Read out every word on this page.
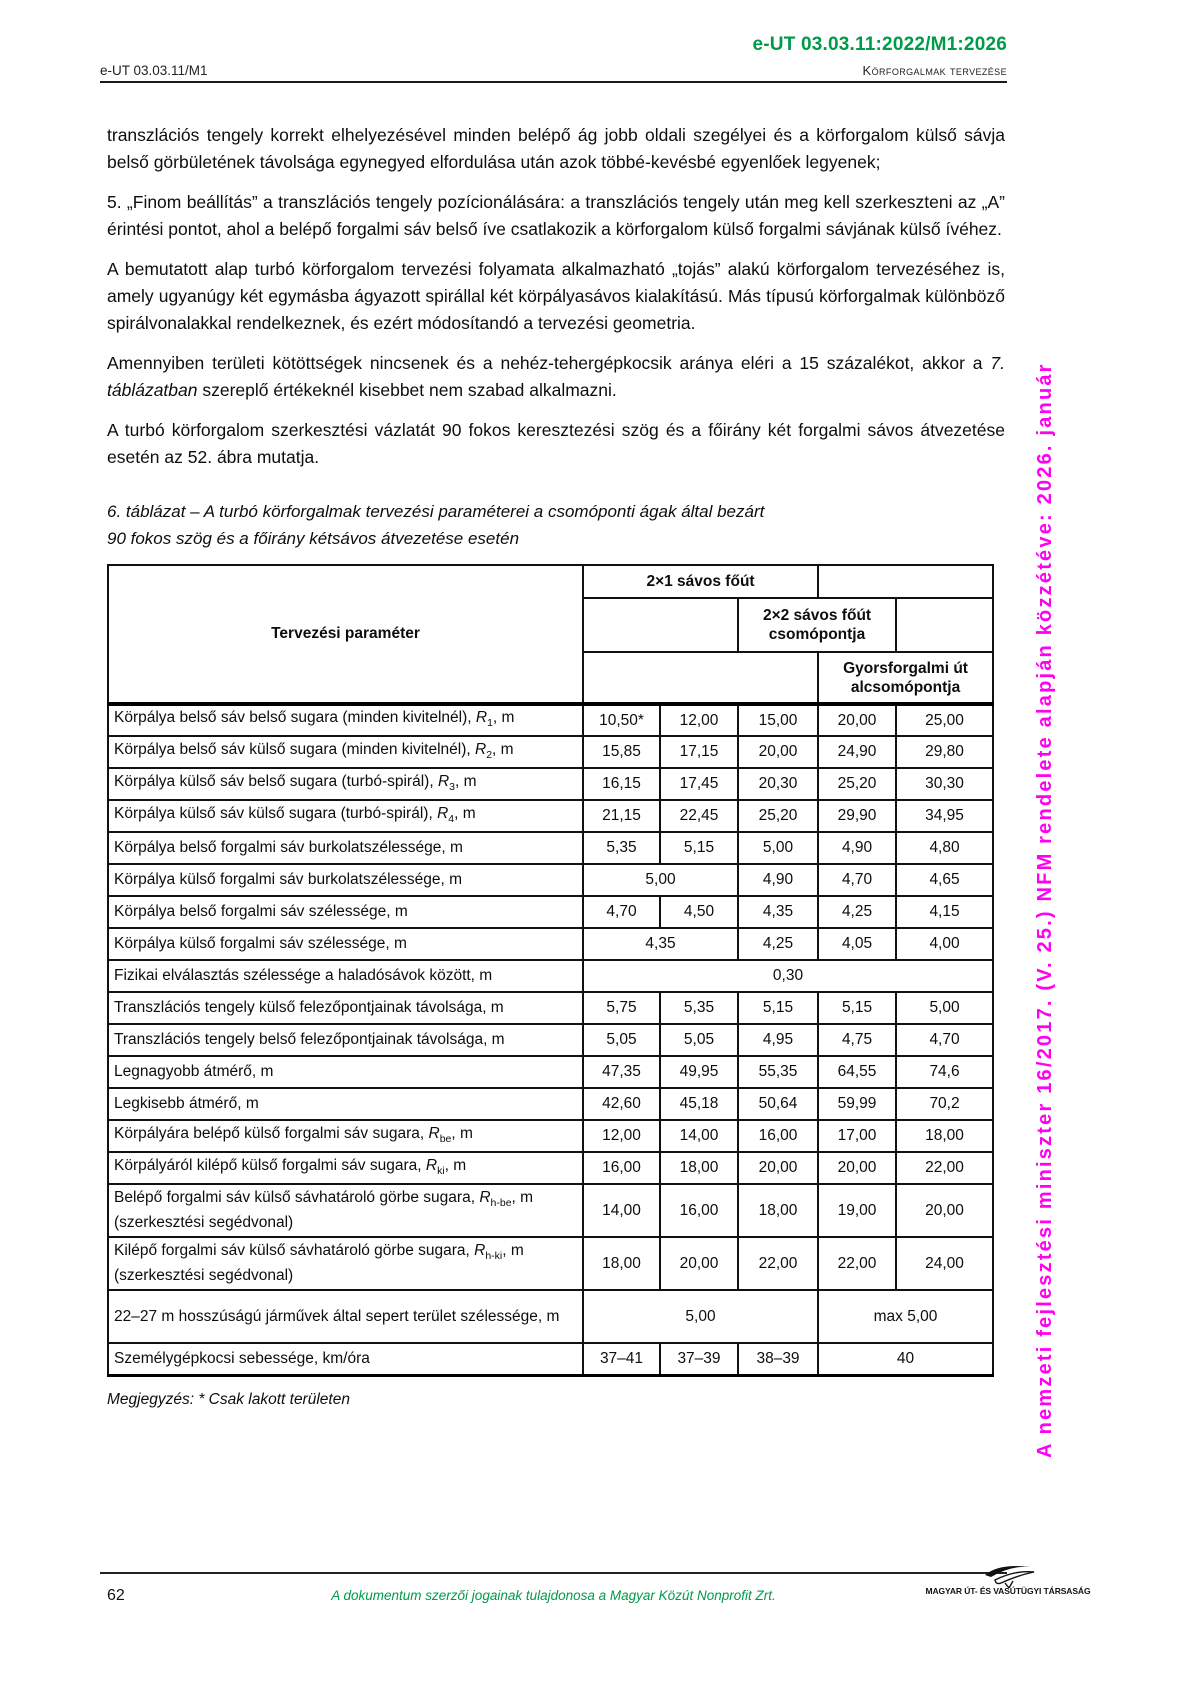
e-UT 03.03.11:2022/M1:2026
e-UT 03.03.11/M1	Körforgalmak tervezése

transzlációs tengely korrekt elhelyezésével minden belépő ág jobb oldali szegélyei és a körforgalom külső sávja belső görbületének távolsága egynegyed elfordulása után azok többé-kevésbé egyenlőek legyenek;

5. „Finom beállítás” a transzlációs tengely pozícionálására: a transzlációs tengely után meg kell szerkeszteni az „A” érintési pontot, ahol a belépő forgalmi sáv belső íve csatlakozik a körforgalom külső forgalmi sávjának külső ívéhez.

A bemutatott alap turbó körforgalom tervezési folyamata alkalmazható „tojás” alakú körforgalom tervezéséhez is, amely ugyanúgy két egymásba ágyazott spirállal két körpályasávos kialakítású. Más típusú körforgalmak különböző spirálvonalakkal rendelkeznek, és ezért módosítandó a tervezési geometria.

Amennyiben területi kötöttségek nincsenek és a nehéz-tehergépkocsik aránya eléri a 15 százalékot, akkor a 7. táblázatban szereplő értékeknél kisebbet nem szabad alkalmazni.

A turbó körforgalom szerkesztési vázlatát 90 fokos keresztezési szög és a főirány két forgalmi sávos átvezetése esetén az 52. ábra mutatja.

6. táblázat – A turbó körforgalmak tervezési paraméterei a csomóponti ágak által bezárt
90 fokos szög és a főirány kétsávos átvezetése esetén
Tervezési paraméter	2×1 sávos főút				
			2×2 sávos főút csomópontja		
				Gyorsforgalmi út alcsomópontja	
Körpálya belső sáv belső sugara (minden kivitelnél), $R_1$, m	10,50*	12,00	15,00	20,00	25,00
Körpálya belső sáv külső sugara (minden kivitelnél), $R_2$, m	15,85	17,15	20,00	24,90	29,80
Körpálya külső sáv belső sugara (turbó-spirál), $R_3$, m	16,15	17,45	20,30	25,20	30,30
Körpálya külső sáv külső sugara (turbó-spirál), $R_4$, m	21,15	22,45	25,20	29,90	34,95
Körpálya belső forgalmi sáv burkolatszélessége, m	5,35	5,15	5,00	4,90	4,80
Körpálya külső forgalmi sáv burkolatszélessége, m	5,00		4,90	4,70	4,65
Körpálya belső forgalmi sáv szélessége, m	4,70	4,50	4,35	4,25	4,15
Körpálya külső forgalmi sáv szélessége, m	4,35		4,25	4,05	4,00
Fizikai elválasztás szélessége a haladósávok között, m	0,30				
Transzlációs tengely külső felezőpontjainak távolsága, m	5,75	5,35	5,15	5,15	5,00
Transzlációs tengely belső felezőpontjainak távolsága, m	5,05	5,05	4,95	4,75	4,70
Legnagyobb átmérő, m	47,35	49,95	55,35	64,55	74,6
Legkisebb átmérő, m	42,60	45,18	50,64	59,99	70,2
Körpályára belépő külső forgalmi sáv sugara, $R_{be}$, m	12,00	14,00	16,00	17,00	18,00
Körpályáról kilépő külső forgalmi sáv sugara, $R_{ki}$, m	16,00	18,00	20,00	20,00	22,00
Belépő forgalmi sáv külső sávhatároló görbe sugara, $R_{h-be}$, m (szerkesztési segédvonal)	14,00	16,00	18,00	19,00	20,00
Kilépő forgalmi sáv külső sávhatároló görbe sugara, $R_{h-ki}$, m (szerkesztési segédvonal)	18,00	20,00	22,00	22,00	24,00
22–27 m hosszúságú járművek által sepert terület szélessége, m	5,00			max 5,00	
Személygépkocsi sebessége, km/óra	37–41	37–39	38–39	40	
Megjegyzés: * Csak lakott területen	A nemzeti fejlesztési miniszter 16/2017. (V. 25.) NFM rendelete alapján közzétéve: 2026. január
62	A dokumentum szerzői jogainak tulajdonosa a Magyar Közút Nonprofit Zrt.	MAGYAR ÚT- ÉS VASÚTÜGYI TÁRSASÁG
